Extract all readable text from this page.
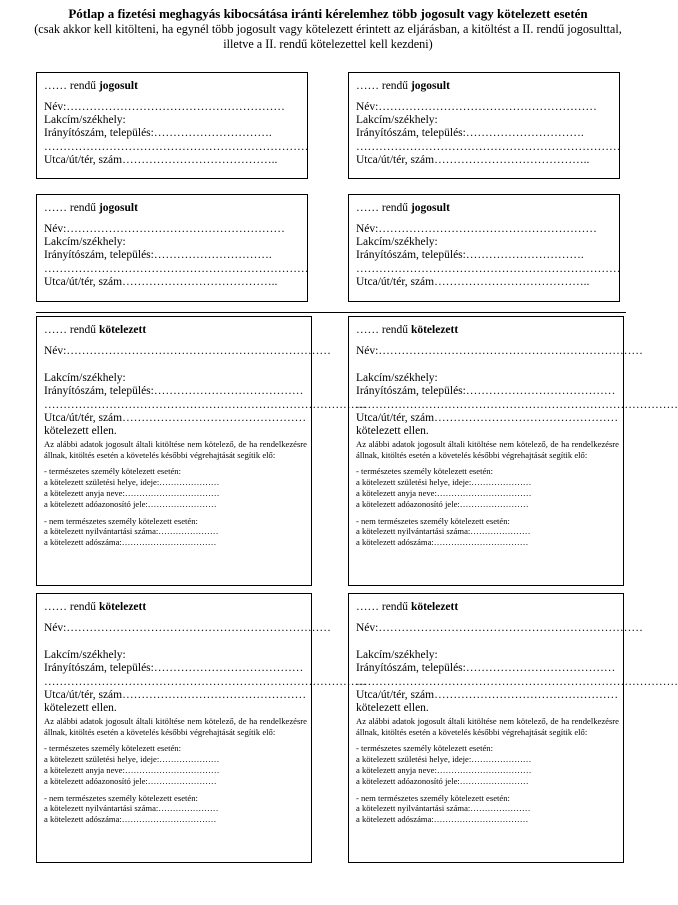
Pótlap a fizetési meghagyás kibocsátása iránti kérelemhez több jogosult vagy kötelezett esetén
(csak akkor kell kitölteni, ha egynél több jogosult vagy kötelezett érintett az eljárásban, a kitöltést a II. rendű jogosulttal, illetve a II. rendű kötelezettel kell kezdeni)
…… rendű jogosult
Név:…………………………………………………
Lakcím/székhely:
Irányítószám, település:………………………….
……………………………………………………………
Utca/út/tér, szám…………………………………..
…… rendű jogosult
Név:…………………………………………………
Lakcím/székhely:
Irányítószám, település:………………………….
……………………………………………………………
Utca/út/tér, szám…………………………………..
…… rendű jogosult
Név:…………………………………………………
Lakcím/székhely:
Irányítószám, település:………………………….
……………………………………………………………
Utca/út/tér, szám…………………………………..
…… rendű jogosult
Név:…………………………………………………
Lakcím/székhely:
Irányítószám, település:………………………….
……………………………………………………………
Utca/út/tér, szám…………………………………..
…… rendű kötelezett
Név:……………………………………………………………
Lakcím/székhely:
Irányítószám, település:…………………………………
…………………………………………………………………………
Utca/út/tér, szám…………………………………………
kötelezett ellen.
Az alábbi adatok jogosult általi kitöltése nem kötelező, de ha rendelkezésre állnak, kitöltés esetén a követelés későbbi végrehajtását segítik elő:
- természetes személy kötelezett esetén:
a kötelezett születési helye, ideje:…………………
a kötelezett anyja neve:……………………………
a kötelezett adóazonosító jele:……………………
- nem természetes személy kötelezett esetén:
a kötelezett nyilvántartási száma:…………………
a kötelezett adószáma:……………………………
…… rendű kötelezett
Név:……………………………………………………………
Lakcím/székhely:
Irányítószám, település:…………………………………
…………………………………………………………………………
Utca/út/tér, szám…………………………………………
kötelezett ellen.
Az alábbi adatok jogosult általi kitöltése nem kötelező, de ha rendelkezésre állnak, kitöltés esetén a követelés későbbi végrehajtását segítik elő:
- természetes személy kötelezett esetén:
a kötelezett születési helye, ideje:…………………
a kötelezett anyja neve:……………………………
a kötelezett adóazonosító jele:……………………
- nem természetes személy kötelezett esetén:
a kötelezett nyilvántartási száma:…………………
a kötelezett adószáma:……………………………
…… rendű kötelezett
Név:……………………………………………………………
Lakcím/székhely:
Irányítószám, település:…………………………………
…………………………………………………………………………
Utca/út/tér, szám…………………………………………
kötelezett ellen.
Az alábbi adatok jogosult általi kitöltése nem kötelező, de ha rendelkezésre állnak, kitöltés esetén a követelés későbbi végrehajtását segítik elő:
- természetes személy kötelezett esetén:
a kötelezett születési helye, ideje:…………………
a kötelezett anyja neve:……………………………
a kötelezett adóazonosító jele:……………………
- nem természetes személy kötelezett esetén:
a kötelezett nyilvántartási száma:…………………
a kötelezett adószáma:……………………………
…… rendű kötelezett
Név:……………………………………………………………
Lakcím/székhely:
Irányítószám, település:…………………………………
…………………………………………………………………………
Utca/út/tér, szám…………………………………………
kötelezett ellen.
Az alábbi adatok jogosult általi kitöltése nem kötelező, de ha rendelkezésre állnak, kitöltés esetén a követelés későbbi végrehajtását segítik elő:
- természetes személy kötelezett esetén:
a kötelezett születési helye, ideje:…………………
a kötelezett anyja neve:……………………………
a kötelezett adóazonosító jele:……………………
- nem természetes személy kötelezett esetén:
a kötelezett nyilvántartási száma:…………………
a kötelezett adószáma:……………………………
